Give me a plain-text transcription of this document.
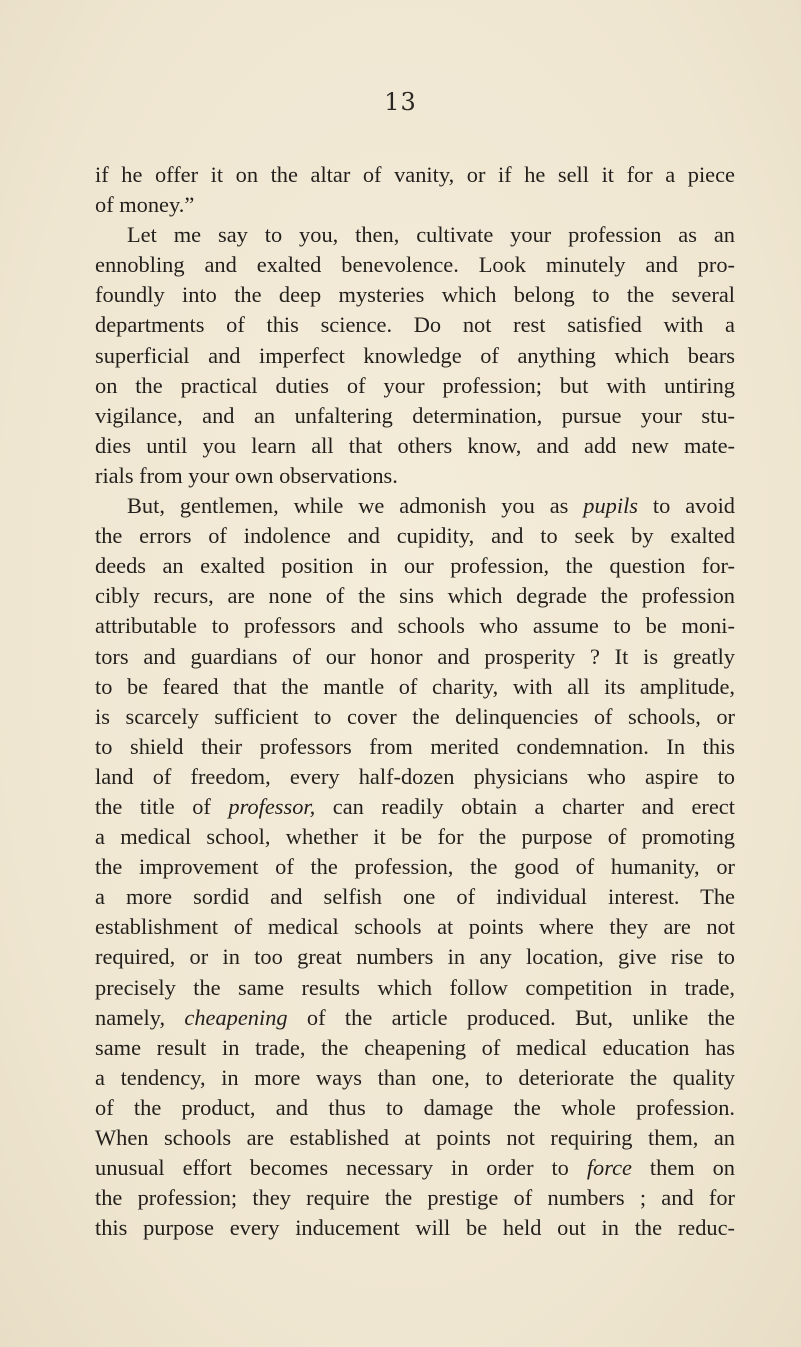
13
if he offer it on the altar of vanity, or if he sell it for a piece
of money.”
Let me say to you, then, cultivate your profession as an
ennobling and exalted benevolence. Look minutely and pro-
foundly into the deep mysteries which belong to the several
departments of this science. Do not rest satisfied with a
superficial and imperfect knowledge of anything which bears
on the practical duties of your profession; but with untiring
vigilance, and an unfaltering determination, pursue your stu-
dies until you learn all that others know, and add new mate-
rials from your own observations.
But, gentlemen, while we admonish you as pupils to avoid
the errors of indolence and cupidity, and to seek by exalted
deeds an exalted position in our profession, the question for-
cibly recurs, are none of the sins which degrade the profession
attributable to professors and schools who assume to be moni-
tors and guardians of our honor and prosperity ? It is greatly
to be feared that the mantle of charity, with all its amplitude,
is scarcely sufficient to cover the delinquencies of schools, or
to shield their professors from merited condemnation. In this
land of freedom, every half-dozen physicians who aspire to
the title of professor, can readily obtain a charter and erect
a medical school, whether it be for the purpose of promoting
the improvement of the profession, the good of humanity, or
a more sordid and selfish one of individual interest. The
establishment of medical schools at points where they are not
required, or in too great numbers in any location, give rise to
precisely the same results which follow competition in trade,
namely, cheapening of the article produced. But, unlike the
same result in trade, the cheapening of medical education has
a tendency, in more ways than one, to deteriorate the quality
of the product, and thus to damage the whole profession.
When schools are established at points not requiring them, an
unusual effort becomes necessary in order to force them on
the profession; they require the prestige of numbers ; and for
this purpose every inducement will be held out in the reduc-
